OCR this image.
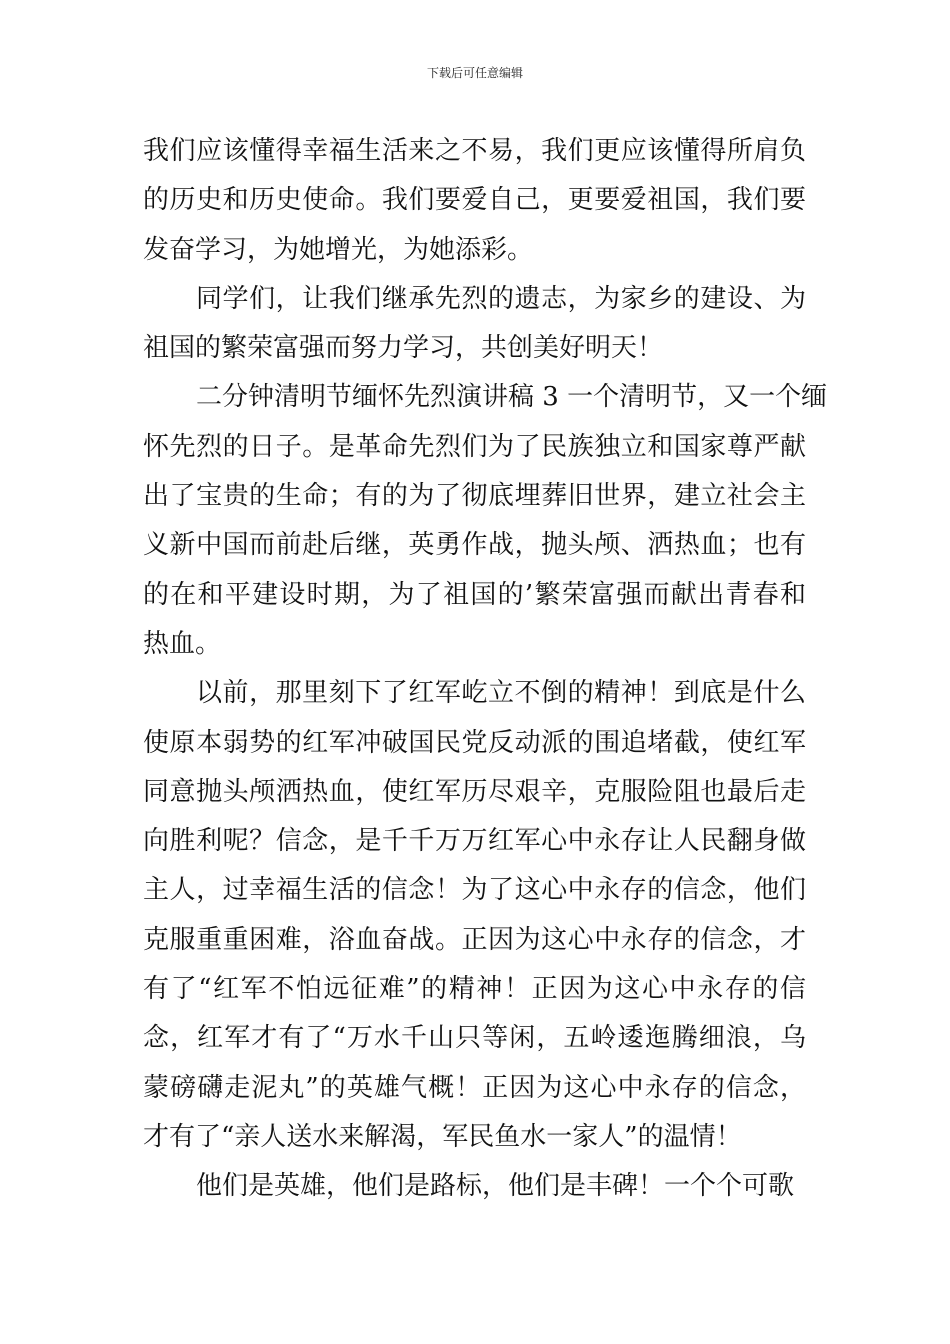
下载后可任意编辑
我们应该懂得幸福生活来之不易，我们更应该懂得所肩负
的历史和历史使命。我们要爱自己，更要爱祖国，我们要
发奋学习，为她增光，为她添彩。
同学们，让我们继承先烈的遗志，为家乡的建设、为
祖国的繁荣富强而努力学习，共创美好明天！
二分钟清明节缅怀先烈演讲稿 3 一个清明节，又一个缅
怀先烈的日子。是革命先烈们为了民族独立和国家尊严献
出了宝贵的生命；有的为了彻底埋葬旧世界，建立社会主
义新中国而前赴后继，英勇作战，抛头颅、洒热血；也有
的在和平建设时期，为了祖国的’繁荣富强而献出青春和
热血。
以前，那里刻下了红军屹立不倒的精神！到底是什么
使原本弱势的红军冲破国民党反动派的围追堵截，使红军
同意抛头颅洒热血，使红军历尽艰辛，克服险阻也最后走
向胜利呢？信念，是千千万万红军心中永存让人民翻身做
主人，过幸福生活的信念！为了这心中永存的信念，他们
克服重重困难，浴血奋战。正因为这心中永存的信念，才
有了“红军不怕远征难”的精神！正因为这心中永存的信
念，红军才有了“万水千山只等闲，五岭逶迤腾细浪，乌
蒙磅礴走泥丸”的英雄气概！正因为这心中永存的信念，
才有了“亲人送水来解渴，军民鱼水一家人”的温情！
他们是英雄，他们是路标，他们是丰碑！一个个可歌
